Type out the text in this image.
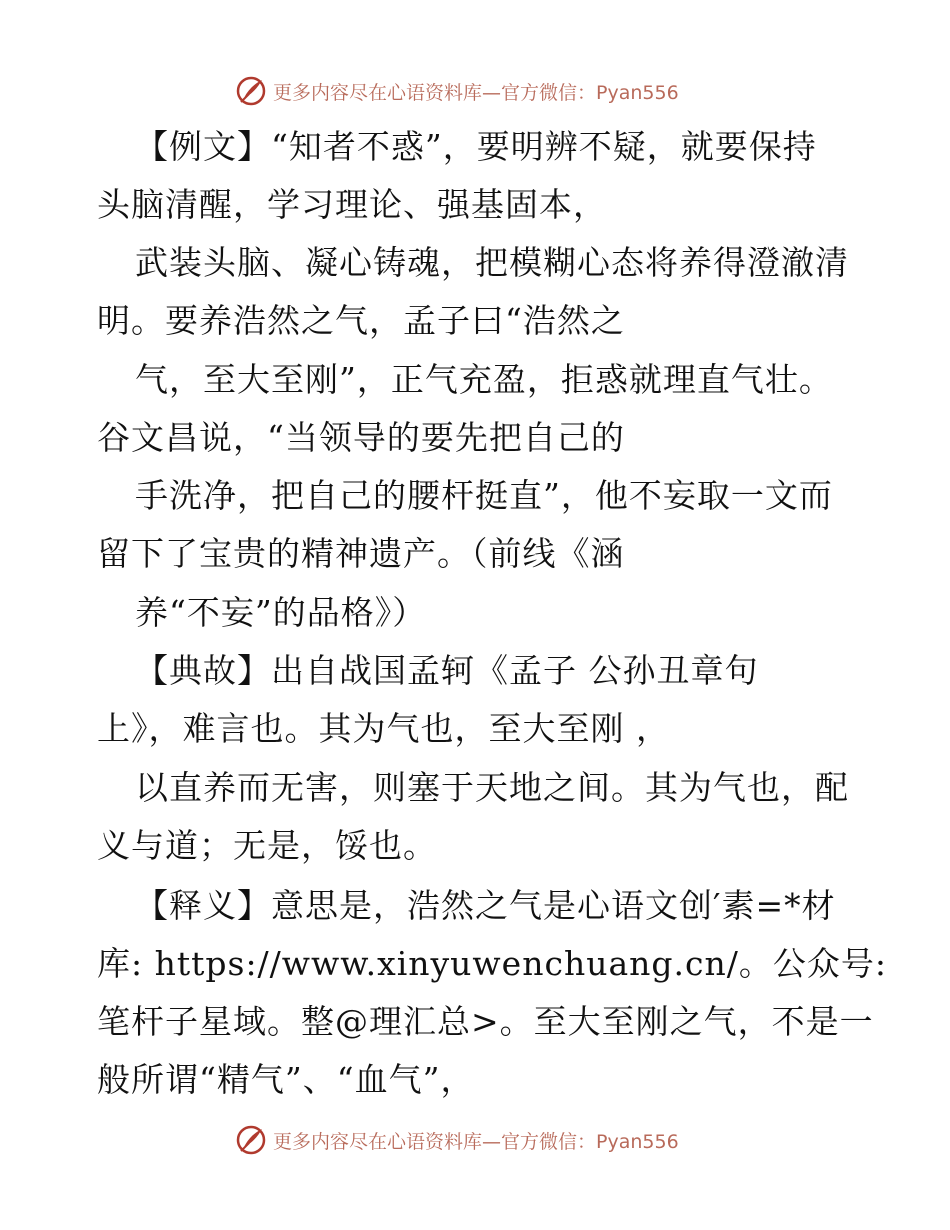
更多内容尽在心语资料库—官方微信：Pyan556
【例文】“知者不惑”，要明辨不疑，就要保持
头脑清醒，学习理论、强基固本，
武装头脑、凝心铸魂，把模糊心态将养得澄澈清
明。要养浩然之气，孟子曰“浩然之
气，至大至刚”，正气充盈，拒惑就理直气壮。
谷文昌说，“当领导的要先把自己的
手洗净，把自己的腰杆挺直”，他不妄取一文而
留下了宝贵的精神遗产。（前线《涵
养“不妄”的品格》）
【典故】出自战国孟轲《孟子 公孙丑章句
上》，难言也。其为气也，至大至刚 ，
以直养而无害，则塞于天地之间。其为气也，配
义与道；无是，馁也。
【释义】意思是，浩然之气是心语文创′素=*材
库: https://www.xinyuwenchuang.cn/。公众号:
笔杆子星域。整@理汇总>。至大至刚之气，不是一
般所谓“精气”、“血气”，
更多内容尽在心语资料库—官方微信：Pyan556
